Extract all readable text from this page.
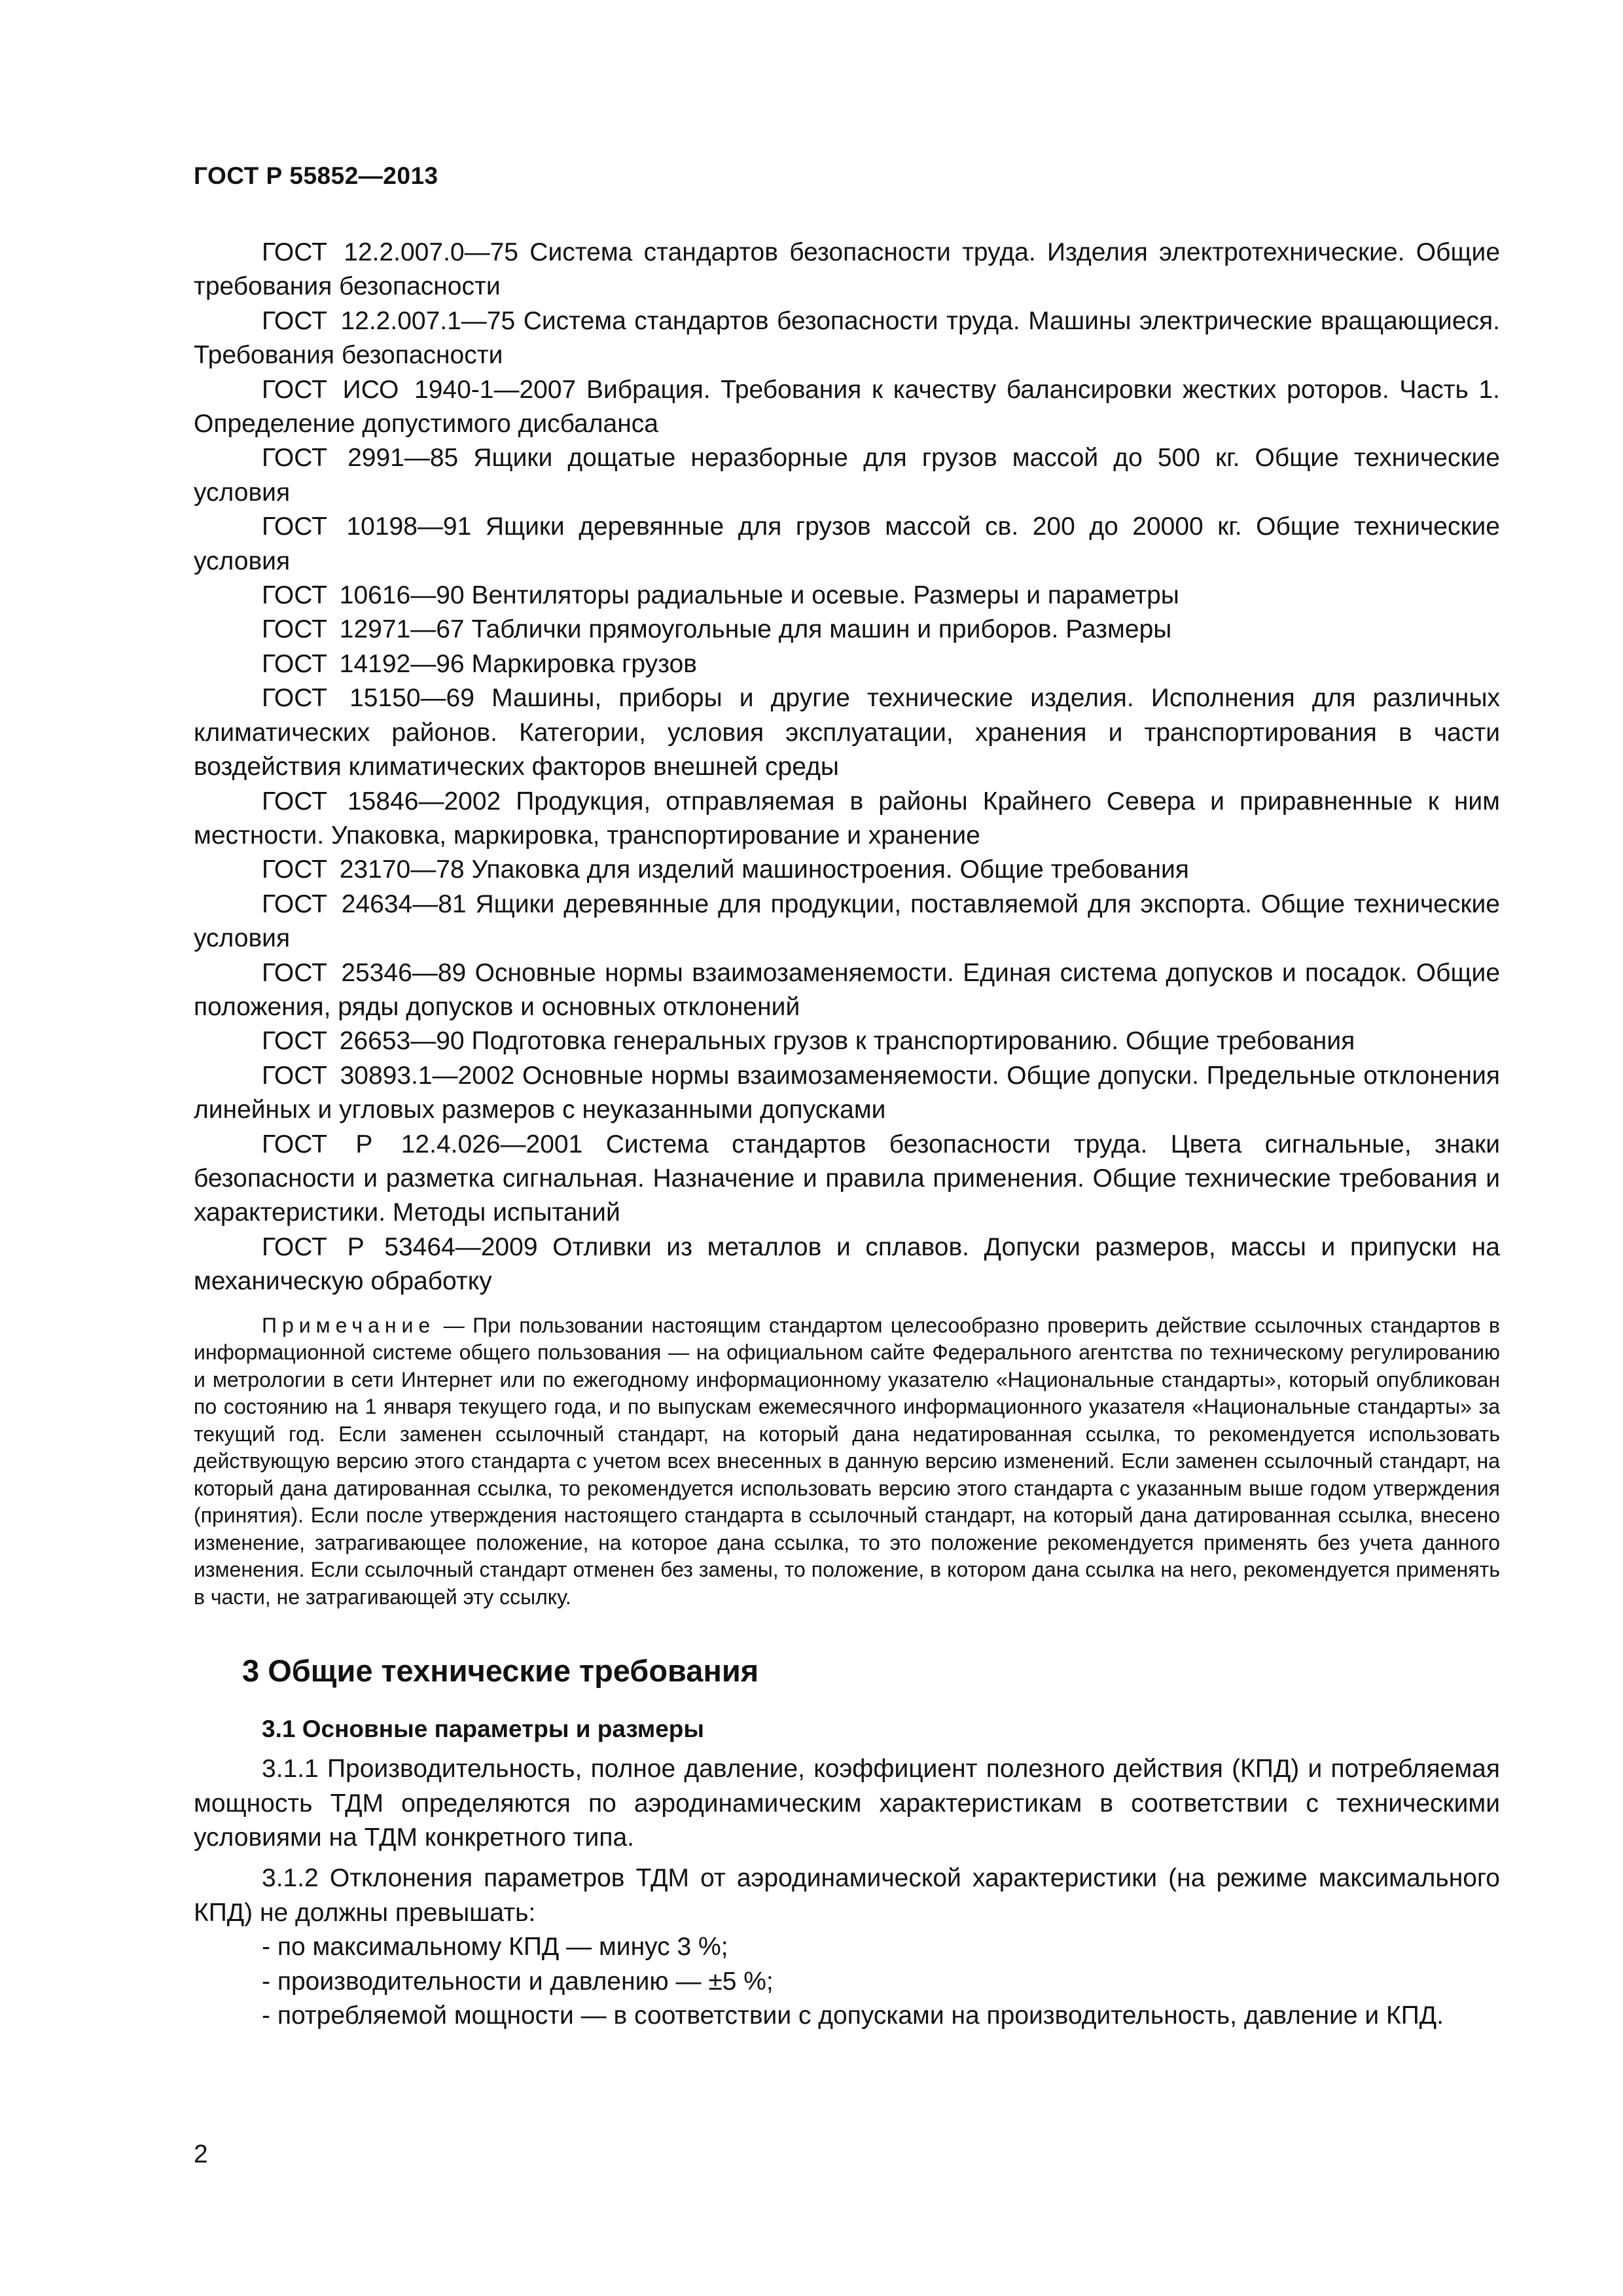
ГОСТ Р 55852—2013

ГОСТ 12.2.007.0—75 Система стандартов безопасности труда. Изделия электротехнические. Общие требования безопасности

ГОСТ 12.2.007.1—75 Система стандартов безопасности труда. Машины электрические вращающиеся. Требования безопасности

ГОСТ ИСО 1940-1—2007 Вибрация. Требования к качеству балансировки жестких роторов. Часть 1. Определение допустимого дисбаланса

ГОСТ 2991—85 Ящики дощатые неразборные для грузов массой до 500 кг. Общие технические условия

ГОСТ 10198—91 Ящики деревянные для грузов массой св. 200 до 20000 кг. Общие технические условия

ГОСТ 10616—90 Вентиляторы радиальные и осевые. Размеры и параметры

ГОСТ 12971—67 Таблички прямоугольные для машин и приборов. Размеры

ГОСТ 14192—96 Маркировка грузов

ГОСТ 15150—69 Машины, приборы и другие технические изделия. Исполнения для различных климатических районов. Категории, условия эксплуатации, хранения и транспортирования в части воздействия климатических факторов внешней среды

ГОСТ 15846—2002 Продукция, отправляемая в районы Крайнего Севера и приравненные к ним местности. Упаковка, маркировка, транспортирование и хранение

ГОСТ 23170—78 Упаковка для изделий машиностроения. Общие требования

ГОСТ 24634—81 Ящики деревянные для продукции, поставляемой для экспорта. Общие технические условия

ГОСТ 25346—89 Основные нормы взаимозаменяемости. Единая система допусков и посадок. Общие положения, ряды допусков и основных отклонений

ГОСТ 26653—90 Подготовка генеральных грузов к транспортированию. Общие требования

ГОСТ 30893.1—2002 Основные нормы взаимозаменяемости. Общие допуски. Предельные отклонения линейных и угловых размеров с неуказанными допусками

ГОСТ Р 12.4.026—2001 Система стандартов безопасности труда. Цвета сигнальные, знаки безопасности и разметка сигнальная. Назначение и правила применения. Общие технические требования и характеристики. Методы испытаний

ГОСТ Р 53464—2009 Отливки из металлов и сплавов. Допуски размеров, массы и припуски на механическую обработку

Примечание — При пользовании настоящим стандартом целесообразно проверить действие ссылочных стандартов в информационной системе общего пользования — на официальном сайте Федерального агентства по техническому регулированию и метрологии в сети Интернет или по ежегодному информационному указателю «Национальные стандарты», который опубликован по состоянию на 1 января текущего года, и по выпускам ежемесячного информационного указателя «Национальные стандарты» за текущий год. Если заменен ссылочный стандарт, на который дана недатированная ссылка, то рекомендуется использовать действующую версию этого стандарта с учетом всех внесенных в данную версию изменений. Если заменен ссылочный стандарт, на который дана датированная ссылка, то рекомендуется использовать версию этого стандарта с указанным выше годом утверждения (принятия). Если после утверждения настоящего стандарта в ссылочный стандарт, на который дана датированная ссылка, внесено изменение, затрагивающее положение, на которое дана ссылка, то это положение рекомендуется применять без учета данного изменения. Если ссылочный стандарт отменен без замены, то положение, в котором дана ссылка на него, рекомендуется применять в части, не затрагивающей эту ссылку.

3 Общие технические требования
3.1 Основные параметры и размеры

3.1.1 Производительность, полное давление, коэффициент полезного действия (КПД) и потребляемая мощность ТДМ определяются по аэродинамическим характеристикам в соответствии с техническими условиями на ТДМ конкретного типа.

3.1.2 Отклонения параметров ТДМ от аэродинамической характеристики (на режиме максимального КПД) не должны превышать:

- по максимальному КПД — минус 3 %;
- производительности и давлению — ±5 %;
- потребляемой мощности — в соответствии с допусками на производительность, давление и КПД.
2
